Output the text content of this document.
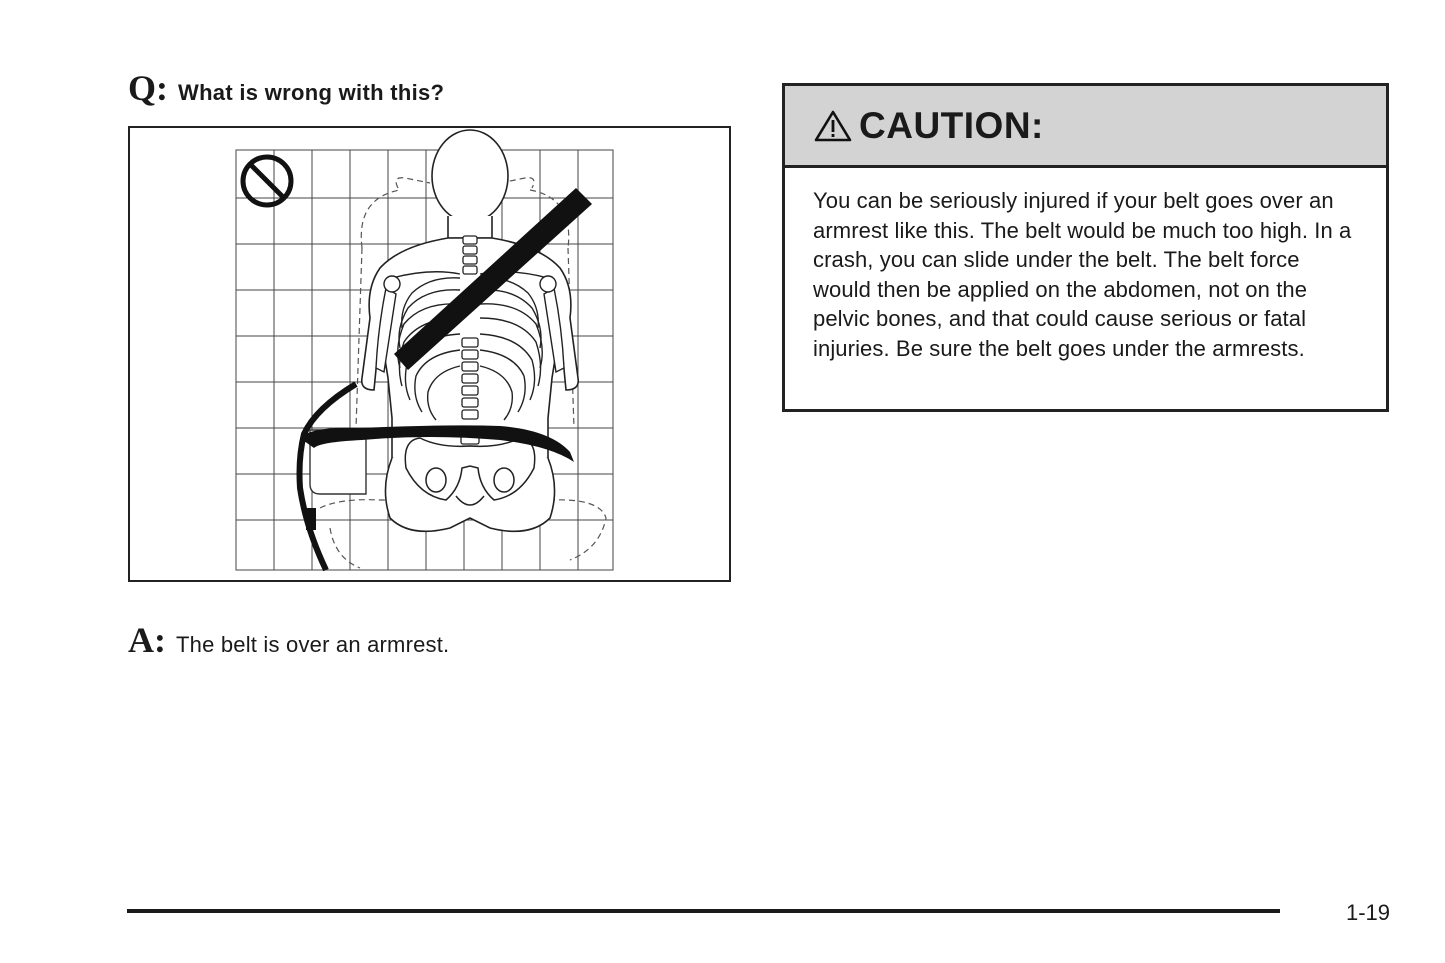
Q: What is wrong with this?
A: The belt is over an armrest.
CAUTION:
You can be seriously injured if your belt goes over an armrest like this. The belt would be much too high. In a crash, you can slide under the belt. The belt force would then be applied on the abdomen, not on the pelvic bones, and that could cause serious or fatal injuries. Be sure the belt goes under the armrests.
1-19
